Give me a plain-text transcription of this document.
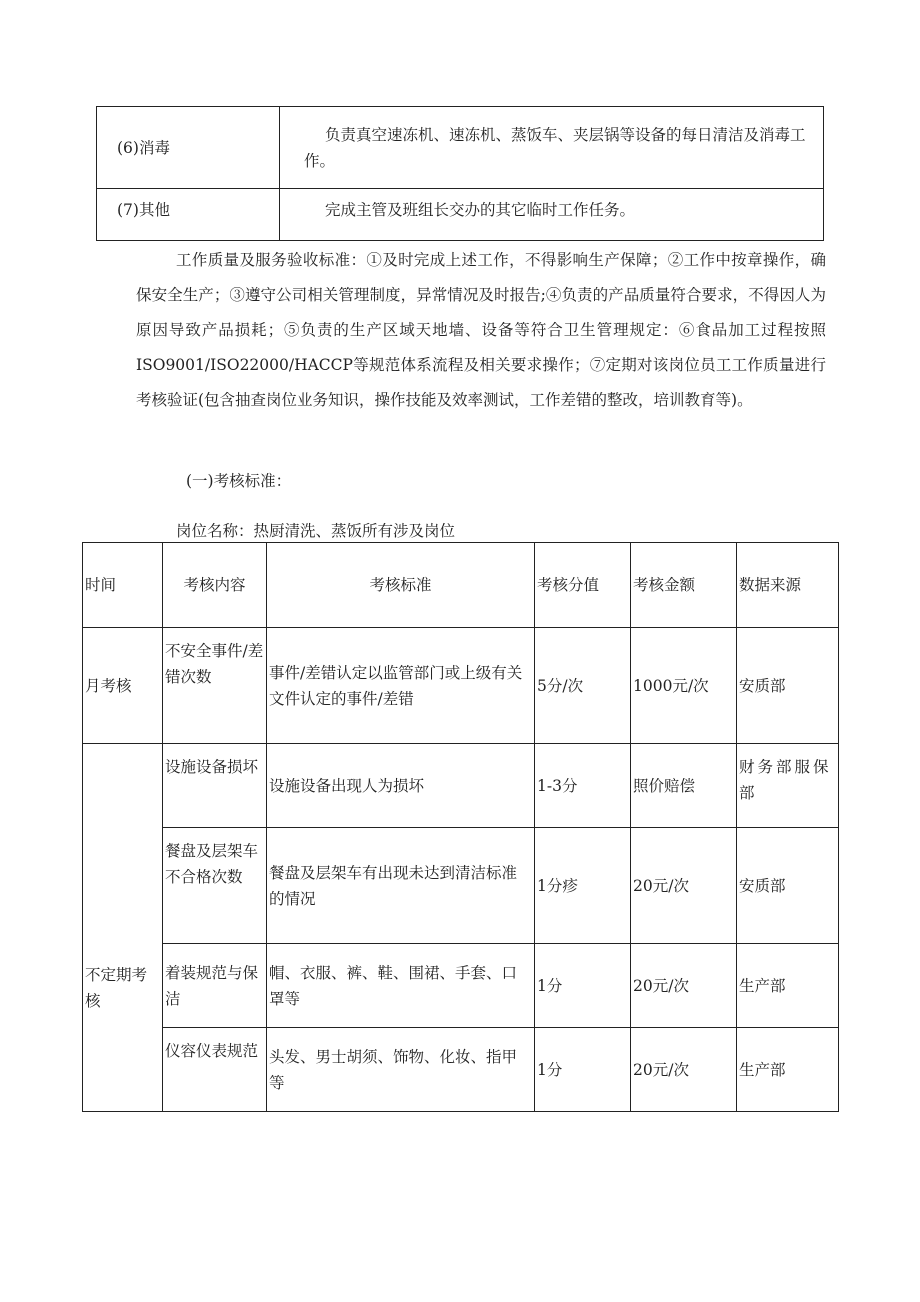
(6)消毒	负责真空速冻机、速冻机、蒸饭车、夹层锅等设备的每日清洁及消毒工作。
(7)其他	完成主管及班组长交办的其它临时工作任务。
工作质量及服务验收标准：①及时完成上述工作，不得影响生产保障；②工作中按章操作，确保安全生产；③遵守公司相关管理制度，异常情况及时报告;④负责的产品质量符合要求，不得因人为原因导致产品损耗；⑤负责的生产区域天地墙、设备等符合卫生管理规定：⑥食品加工过程按照ISO9001/ISO22000/HACCP等规范体系流程及相关要求操作；⑦定期对该岗位员工工作质量进行考核验证(包含抽查岗位业务知识，操作技能及效率测试，工作差错的整改，培训教育等)。
(一)考核标准：
岗位名称：热厨清洗、蒸饭所有涉及岗位
时间	考核内容	考核标准	考核分值	考核金额	数据来源
月考核	不安全事件/差错次数	事件/差错认定以监管部门或上级有关文件认定的事件/差错	5分/次	1000元/次	安质部
不定期考核	设施设备损坏	设施设备出现人为损坏	1-3分	照价赔偿	财务部服保部
	餐盘及层架车不合格次数	餐盘及层架车有出现未达到清洁标准的情况	1分疹	20元/次	安质部
	着装规范与保洁	帽、衣服、裤、鞋、围裙、手套、口罩等	1分	20元/次	生产部
	仪容仪表规范	头发、男士胡须、饰物、化妆、指甲等	1分	20元/次	生产部
